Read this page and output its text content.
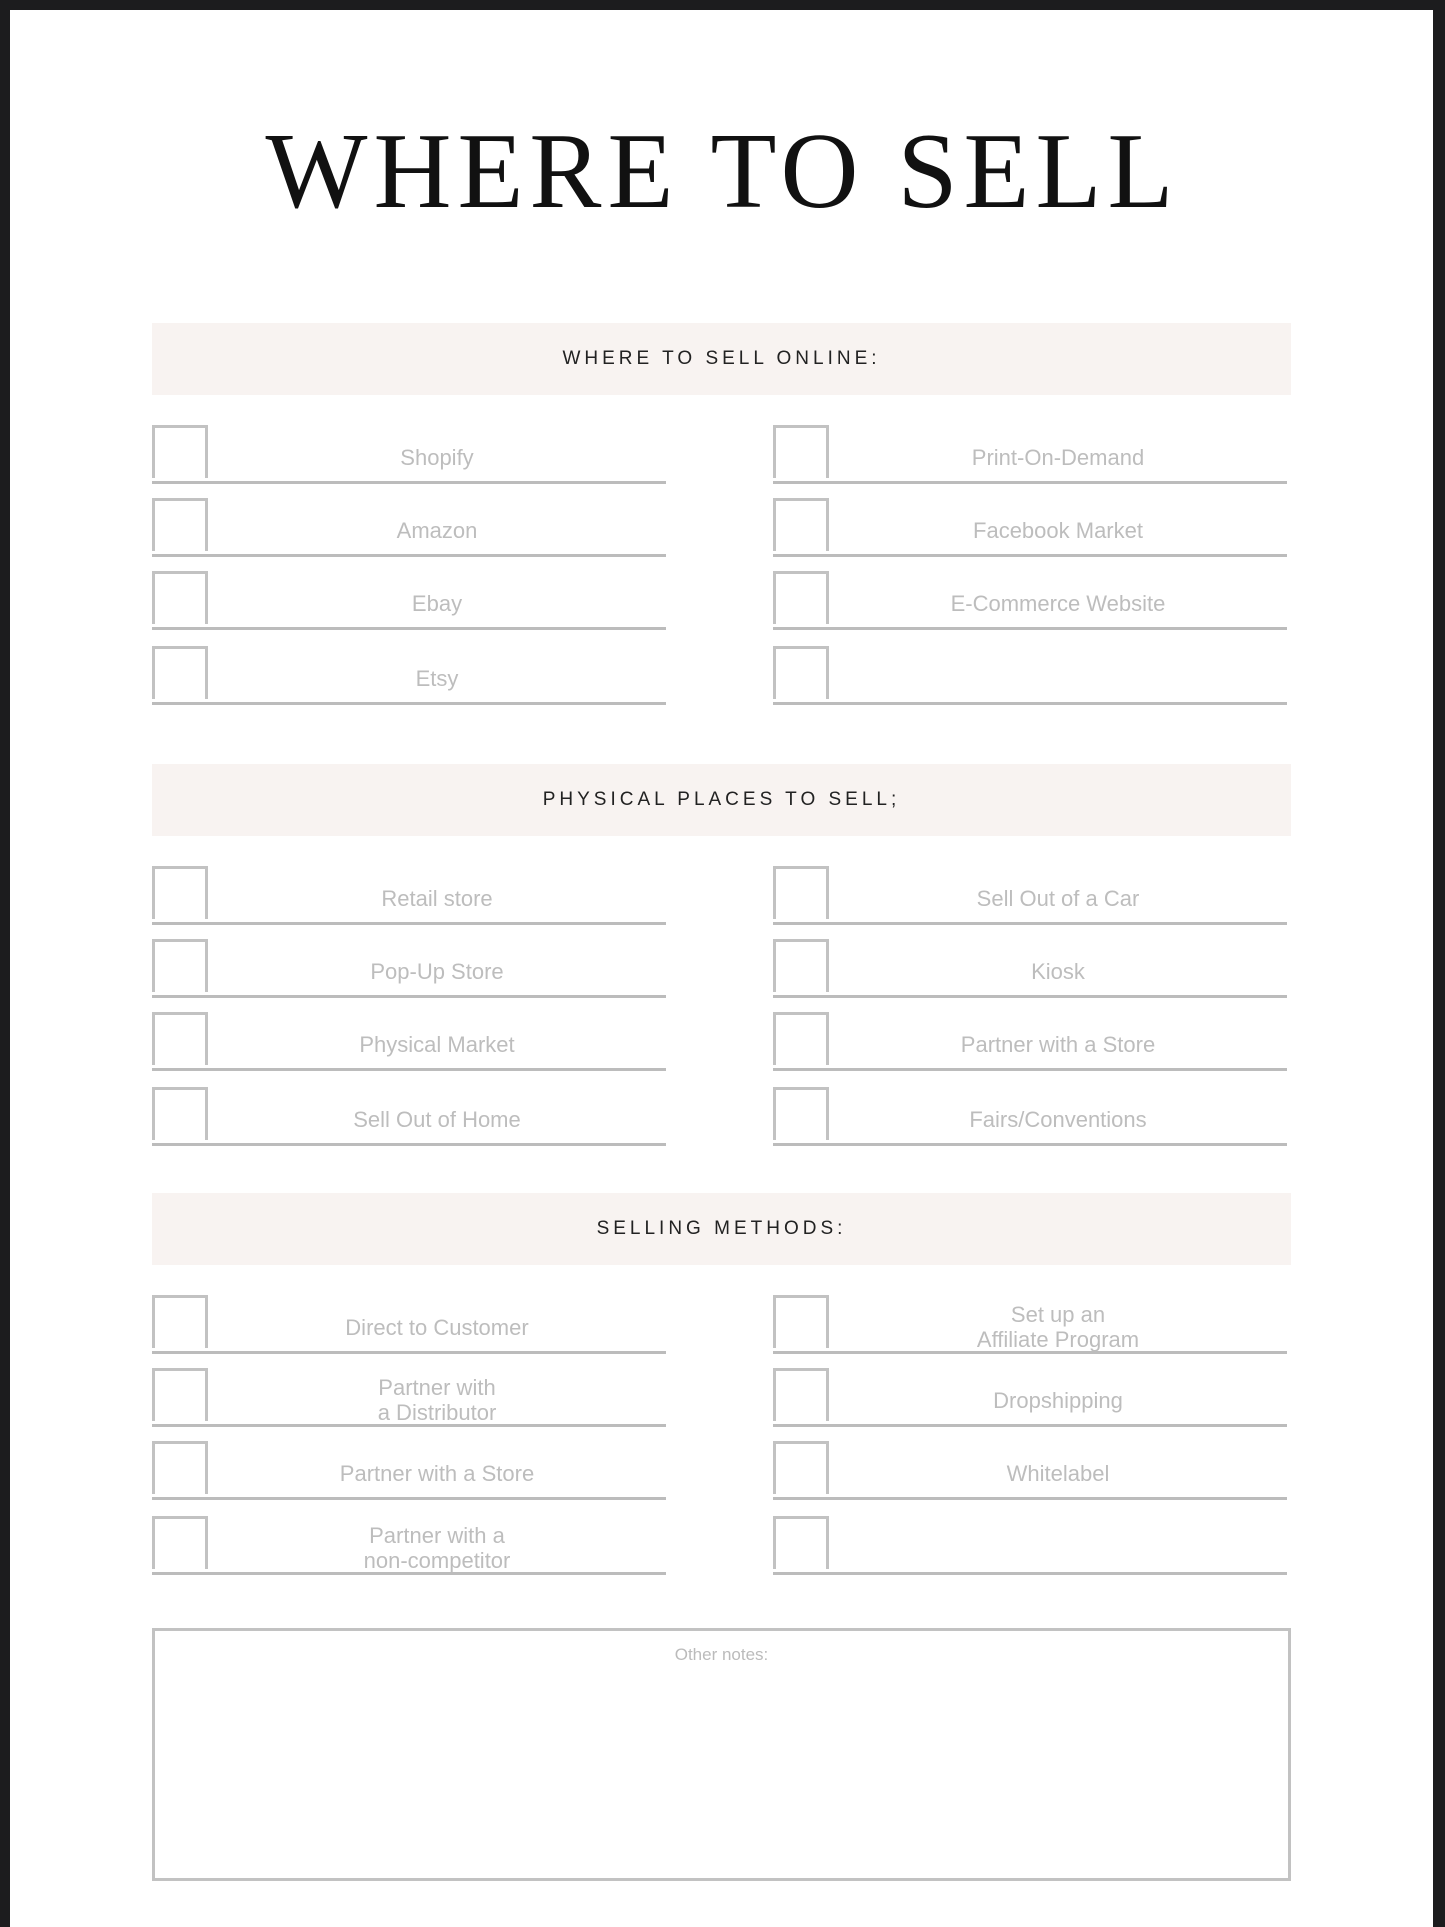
WHERE TO SELL
WHERE TO SELL ONLINE:
Shopify
Amazon
Ebay
Etsy
Print-On-Demand
Facebook Market
E-Commerce Website
PHYSICAL PLACES TO SELL;
Retail store
Pop-Up Store
Physical Market
Sell Out of Home
Sell Out of a Car
Kiosk
Partner with a Store
Fairs/Conventions
SELLING METHODS:
Direct to Customer
Partner with
a Distributor
Partner with a Store
Partner with a
non-competitor
Set up an
Affiliate Program
Dropshipping
Whitelabel
Other notes:
